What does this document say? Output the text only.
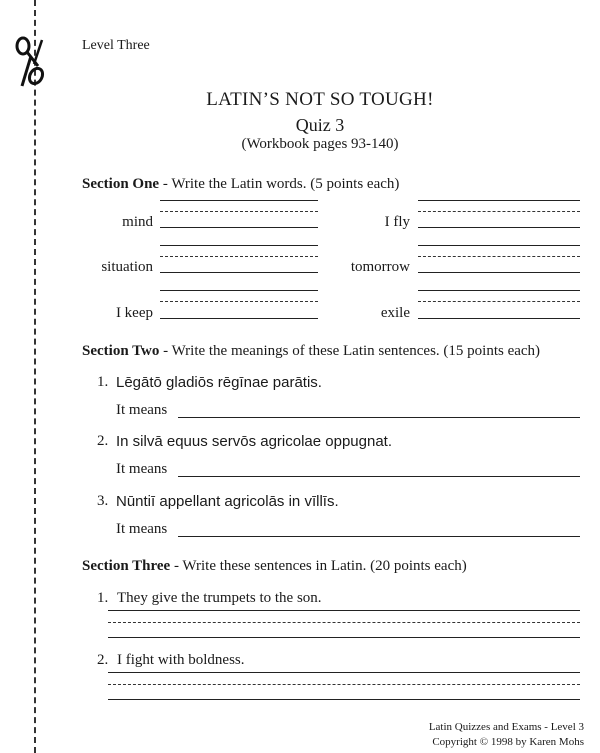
Level Three
LATIN’S NOT SO TOUGH!
Quiz 3
(Workbook pages 93-140)
Section One - Write the Latin words. (5 points each)
mind
situation
I keep
I fly
tomorrow
exile
Section Two - Write the meanings of these Latin sentences. (15 points each)
1. Lēgātō gladiōs rēgīnae parātis.
It means
2. In silvā equus servōs agricolae oppugnat.
It means
3. Nūntiī appellant agricolās in vīllīs.
It means
Section Three - Write these sentences in Latin. (20 points each)
1. They give the trumpets to the son.
2. I fight with boldness.
Latin Quizzes and Exams - Level 3
Copyright © 1998 by Karen Mohs
